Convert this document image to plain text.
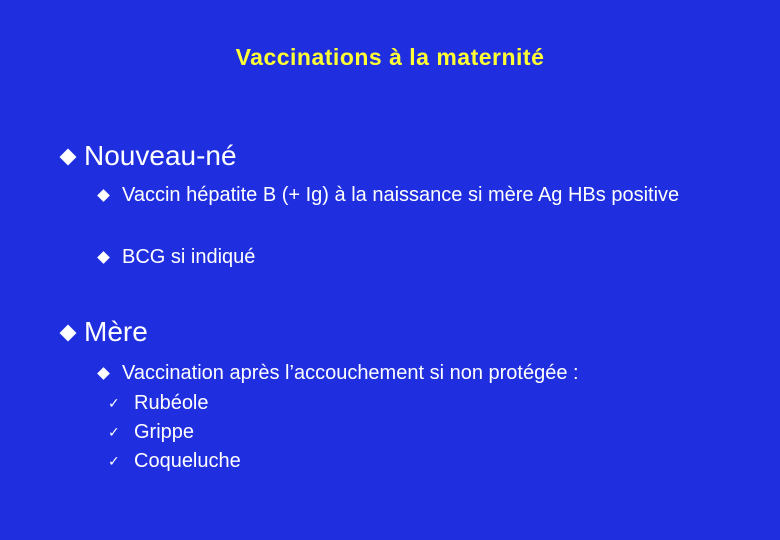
Vaccinations à la maternité
Nouveau-né
Vaccin hépatite B (+ Ig) à la naissance si mère Ag HBs positive
BCG si indiqué
Mère
Vaccination après l’accouchement si non protégée :
✓ Rubéole
✓ Grippe
✓ Coqueluche
